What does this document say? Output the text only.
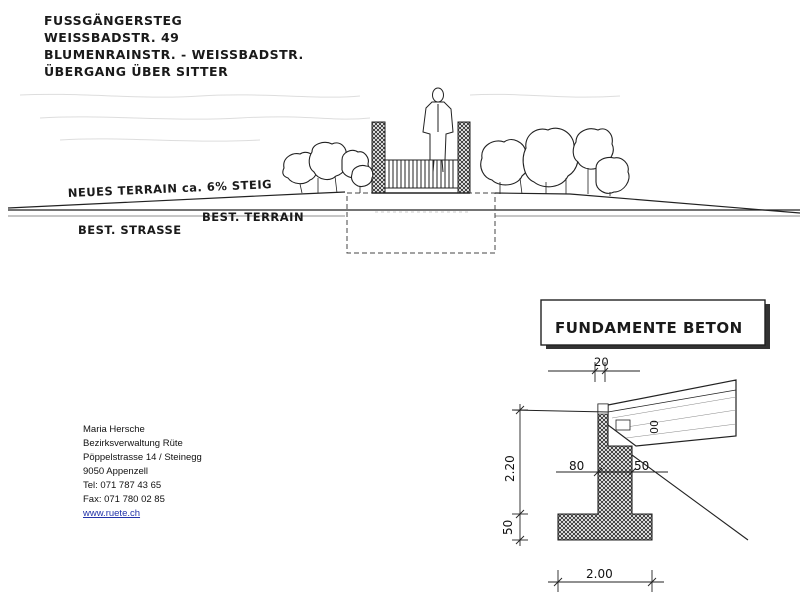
FUSSGÄNGERSTEG
WEISSBADSTR. 49
BLUMENRAINSTR. - WEISSBADSTR.
ÜBERGANG ÜBER SITTER
NEUES TERRAIN ca. 6% STEIG
BEST. TERRAIN
BEST. STRASSE
FUNDAMENTE BETON
20
00
2.20
50
80	50
2.00
Maria Hersche
Bezirksverwaltung Rüte
Pöppelstrasse 14 / Steinegg
9050 Appenzell
Tel: 071 787 43 65
Fax: 071 780 02 85
www.ruete.ch
